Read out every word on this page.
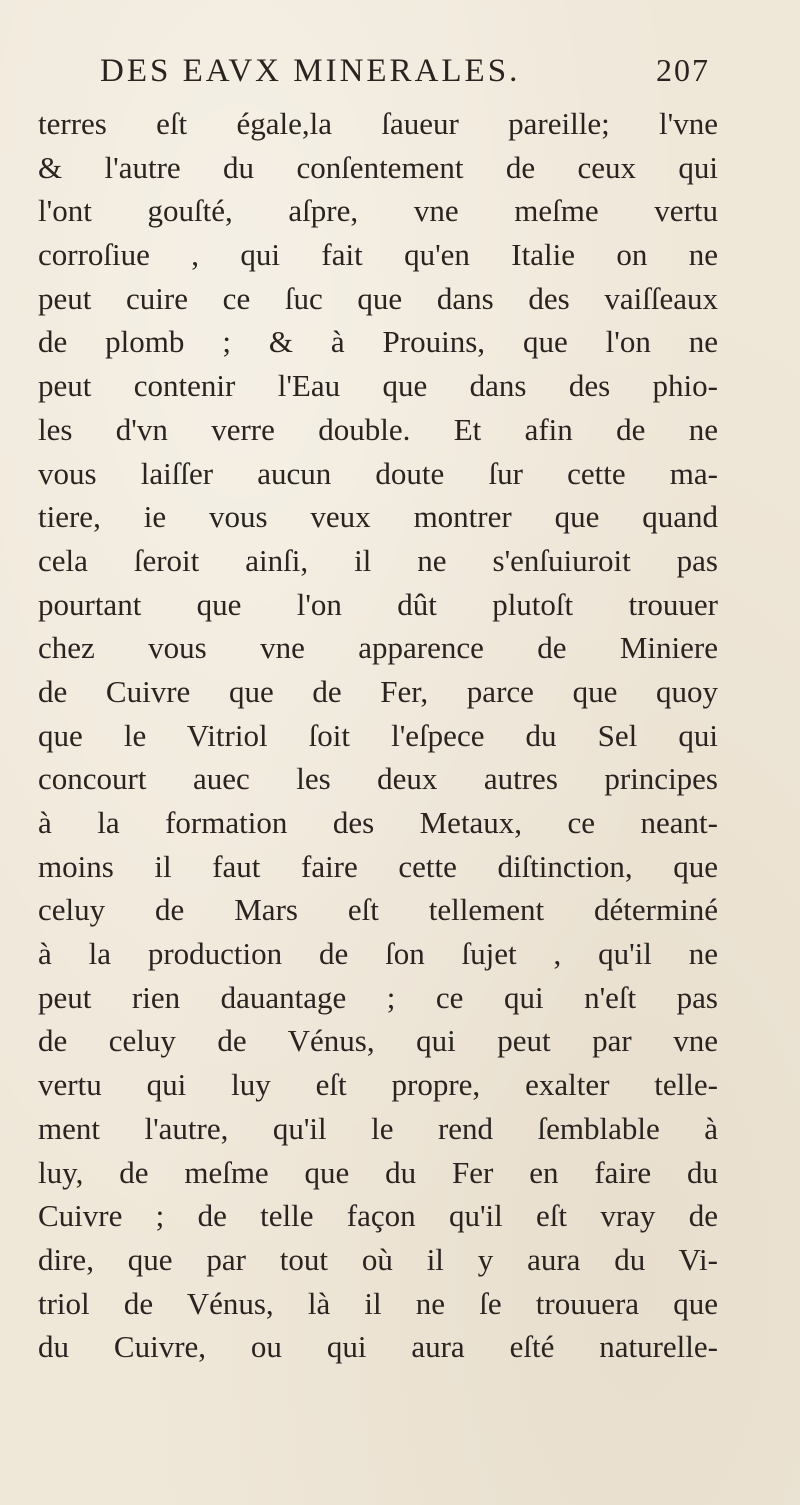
DES EAVX MINERALES.	207
terres eſt égale,la ſaueur pareille; l'vne
& l'autre du conſentement de ceux qui
l'ont gouſté, aſpre, vne meſme vertu
corroſiue , qui fait qu'en Italie on ne
peut cuire ce ſuc que dans des vaiſſeaux
de plomb ; & à Prouins, que l'on ne
peut contenir l'Eau que dans des phio-
les d'vn verre double. Et afin de ne
vous laiſſer aucun doute ſur cette ma-
tiere, ie vous veux montrer que quand
cela ſeroit ainſi, il ne s'enſuiuroit pas
pourtant que l'on dût plutoſt trouuer
chez vous vne apparence de Miniere
de Cuivre que de Fer, parce que quoy
que le Vitriol ſoit l'eſpece du Sel qui
concourt auec les deux autres principes
à la formation des Metaux, ce neant-
moins il faut faire cette diſtinction, que
celuy de Mars eſt tellement déterminé
à la production de ſon ſujet , qu'il ne
peut rien dauantage ; ce qui n'eſt pas
de celuy de Vénus, qui peut par vne
vertu qui luy eſt propre, exalter telle-
ment l'autre, qu'il le rend ſemblable à
luy, de meſme que du Fer en faire du
Cuivre ; de telle façon qu'il eſt vray de
dire, que par tout où il y aura du Vi-
triol de Vénus, là il ne ſe trouuera que
du Cuivre, ou qui aura eſté naturelle-
